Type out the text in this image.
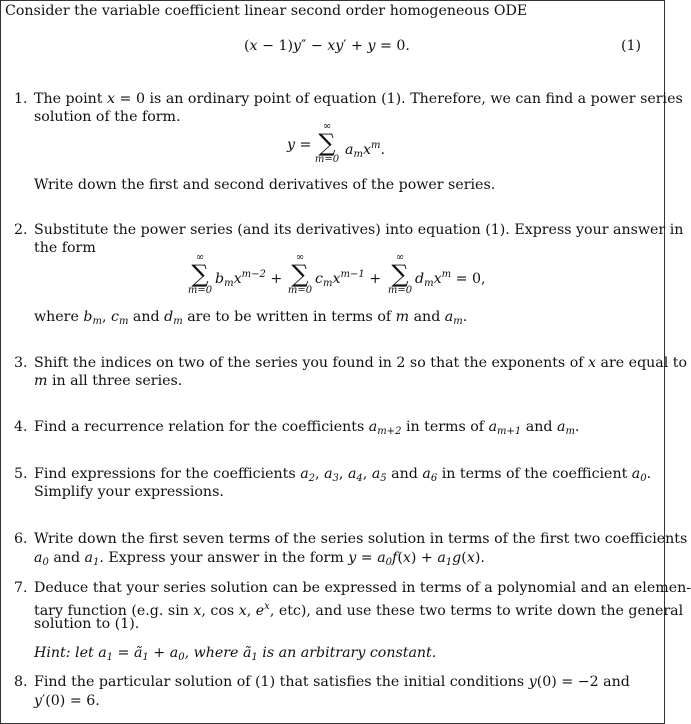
Consider the variable coefficient linear second order homogeneous ODE
(x − 1)y″ − xy′ + y = 0.	(1)
1. The point x = 0 is an ordinary point of equation (1). Therefore, we can find a power series
solution of the form.
y =
∞
∑
m=0
$a_mx^m$.
Write down the first and second derivatives of the power series.
2. Substitute the power series (and its derivatives) into equation (1). Express your answer in
the form
∞
∑
m=0
$b_mx^{m-2}$ +
∞
∑
m=0
$c_mx^{m-1}$ +
∞
∑
m=0
$d_mx^m = 0$,
where $b_m$, $c_m$ and $d_m$ are to be written in terms of m and $a_m$.
3. Shift the indices on two of the series you found in 2 so that the exponents of x are equal to
m in all three series.
4. Find a recurrence relation for the coefficients $a_{m+2}$ in terms of $a_{m+1}$ and $a_m$.
5. Find expressions for the coefficients $a_2$, $a_3$, $a_4$, $a_5$ and $a_6$ in terms of the coefficient $a_0$.
Simplify your expressions.
6. Write down the first seven terms of the series solution in terms of the first two coefficients
$a_0$ and $a_1$. Express your answer in the form $y = a_0f(x) + a_1g(x)$.
7. Deduce that your series solution can be expressed in terms of a polynomial and an elemen-
tary function (e.g. sin x, cos x, $e^x$, etc), and use these two terms to write down the general
solution to (1).
Hint: let $a_1$ = $ã_1 + a_0$, where $ã_1$ is an arbitrary constant.
8. Find the particular solution of (1) that satisfies the initial conditions y(0) = −2 and
y′(0) = 6.
